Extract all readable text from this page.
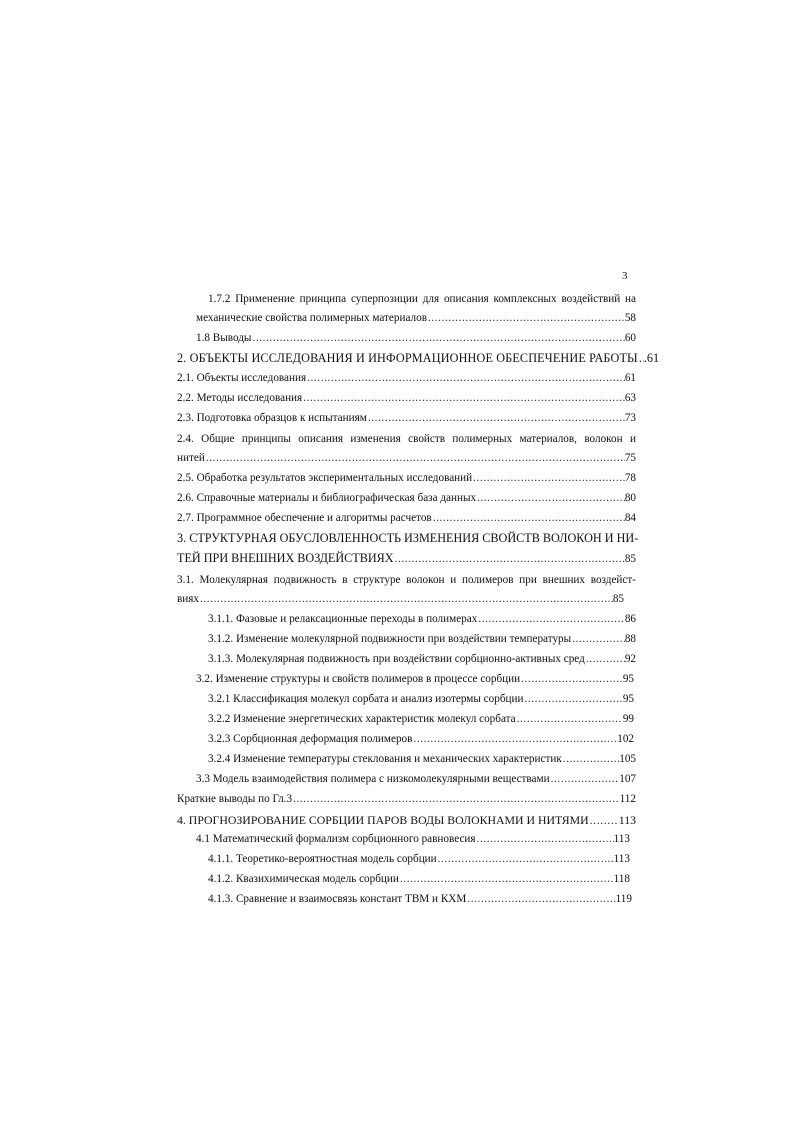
3
1.7.2 Применение принципа суперпозиции для описания комплексных воздействий на
механические свойства полимерных материалов .....	58
1.8 Выводы .....	60
2. ОБЪЕКТЫ ИССЛЕДОВАНИЯ И ИНФОРМАЦИОННОЕ ОБЕСПЕЧЕНИЕ РАБОТЫ ..... .61
2.1. Объекты исследования .....	61
2.2. Методы исследования .....	63
2.3. Подготовка образцов к испытаниям .....	73
2.4. Общие принципы описания изменения свойств полимерных материалов, волокон и
нитей .....	75
2.5. Обработка результатов экспериментальных исследований .....	78
2.6. Справочные материалы и библиографическая база данных .....	80
2.7. Программное обеспечение и алгоритмы расчетов .....	84
3. СТРУКТУРНАЯ ОБУСЛОВЛЕННОСТЬ ИЗМЕНЕНИЯ СВОЙСТВ ВОЛОКОН И НИ-
ТЕЙ ПРИ ВНЕШНИХ ВОЗДЕЙСТВИЯХ .....	85
3.1. Молекулярная подвижность в структуре волокон и полимеров при внешних воздейст-
виях .....	85
3.1.1. Фазовые и релаксационные переходы в полимерах .....	86
3.1.2. Изменение молекулярной подвижности при воздействии температуры .....	88
3.1.3. Молекулярная подвижность при воздействии сорбционно-активных сред .....	92
3.2. Изменение структуры и свойств полимеров в процессе сорбции .....	95
3.2.1 Классификация молекул сорбата и анализ изотермы сорбции .....	95
3.2.2 Изменение энергетических характеристик молекул сорбата .....	99
3.2.3 Сорбционная деформация полимеров .....	102
3.2.4 Изменение температуры стеклования и механических характеристик .....	105
3.3 Модель взаимодействия полимера с низкомолекулярными веществами .....	107
Краткие выводы по Гл.3 .....	112
4. ПРОГНОЗИРОВАНИЕ СОРБЦИИ ПАРОВ ВОДЫ ВОЛОКНАМИ И НИТЯМИ .....	113
4.1 Математический формализм сорбционного равновесия .....	113
4.1.1. Теоретико-вероятностная модель сорбции .....	113
4.1.2. Квазихимическая модель сорбции .....	118
4.1.3. Сравнение и взаимосвязь констант ТВМ и КХМ .....	119
